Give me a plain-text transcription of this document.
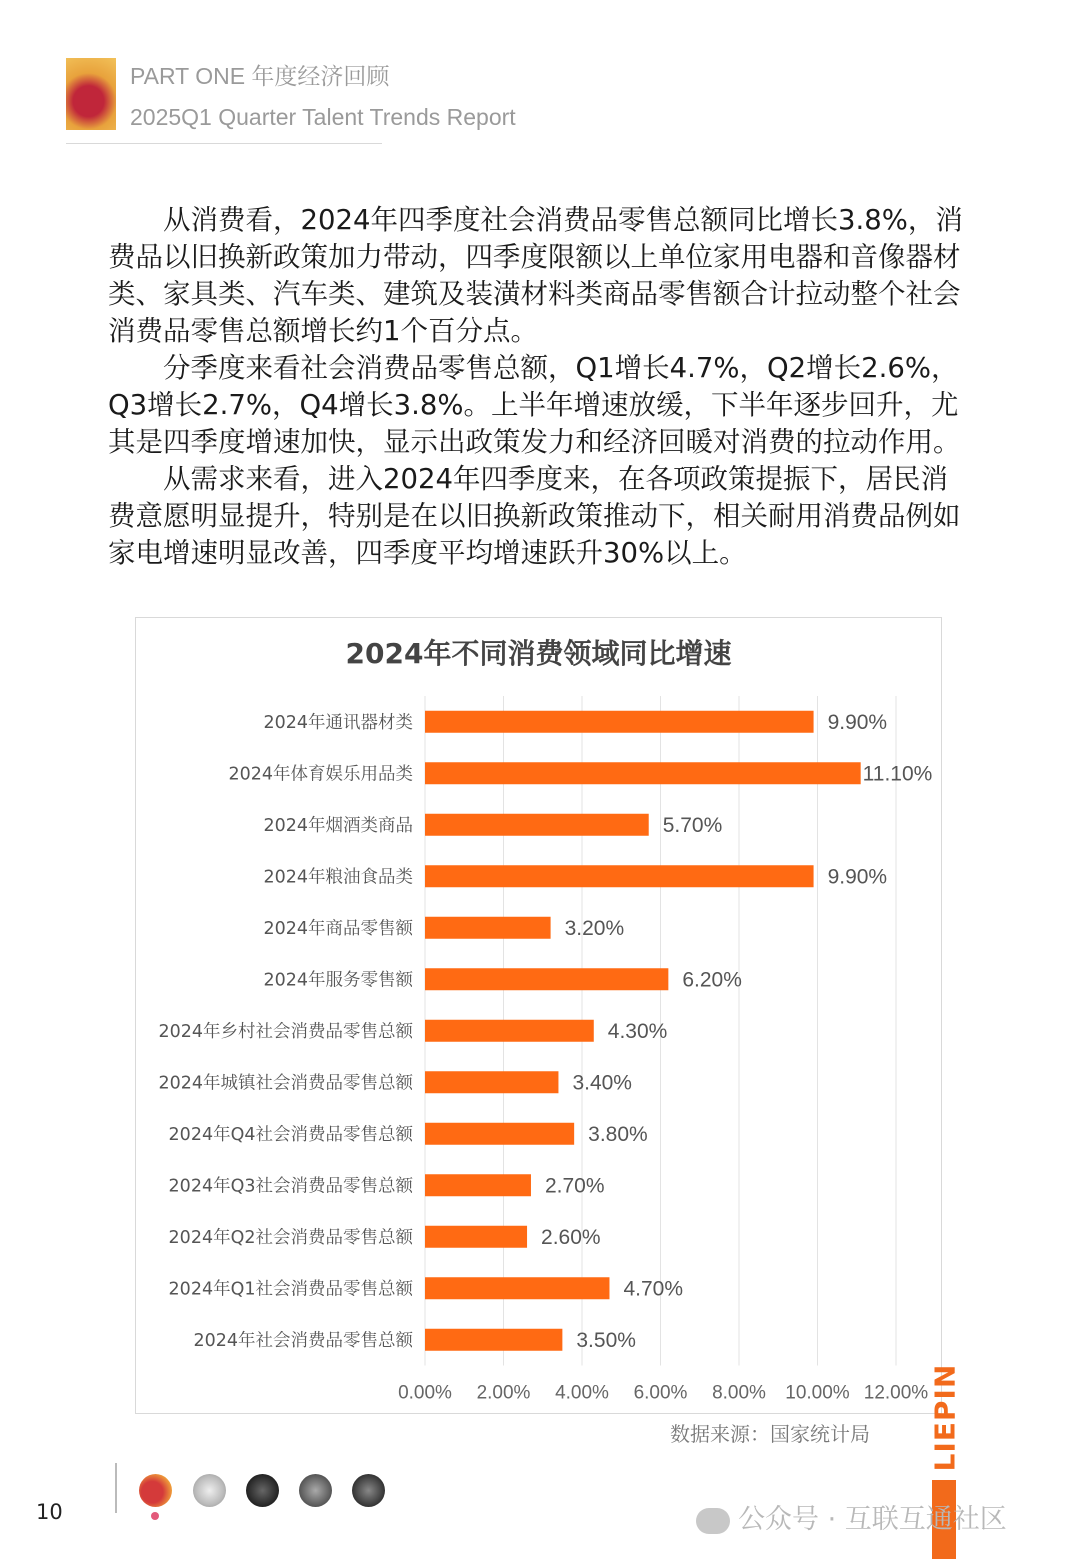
PART ONE 年度经济回顾
2025Q1 Quarter Talent Trends Report

从消费看，2024年四季度社会消费品零售总额同比增长3.8%，消费品以旧换新政策加力带动，四季度限额以上单位家用电器和音像器材类、家具类、汽车类、建筑及装潢材料类商品零售额合计拉动整个社会消费品零售总额增长约1个百分点。

分季度来看社会消费品零售总额，Q1增长4.7%，Q2增长2.6%，Q3增长2.7%，Q4增长3.8%。上半年增速放缓，下半年逐步回升，尤其是四季度增速加快，显示出政策发力和经济回暖对消费的拉动作用。

从需求来看，进入2024年四季度来，在各项政策提振下，居民消费意愿明显提升，特别是在以旧换新政策推动下，相关耐用消费品例如家电增速明显改善，四季度平均增速跃升30%以上。

2024年不同消费领域同比增速
0.00% 2.00% 4.00% 6.00% 8.00% 10.00% 12.00%
2024年通讯器材类	9.90%
2024年体育娱乐用品类	11.10%
2024年烟酒类商品	5.70%
2024年粮油食品类	9.90%
2024年商品零售额	3.20%
2024年服务零售额	6.20%
2024年乡村社会消费品零售总额	4.30%
2024年城镇社会消费品零售总额	3.40%
2024年Q4社会消费品零售总额	3.80%
2024年Q3社会消费品零售总额	2.70%
2024年Q2社会消费品零售总额	2.60%
2024年Q1社会消费品零售总额	4.70%
2024年社会消费品零售总额	3.50%
数据来源：国家统计局 LIEPIN
10	公众号 · 互联互通社区
